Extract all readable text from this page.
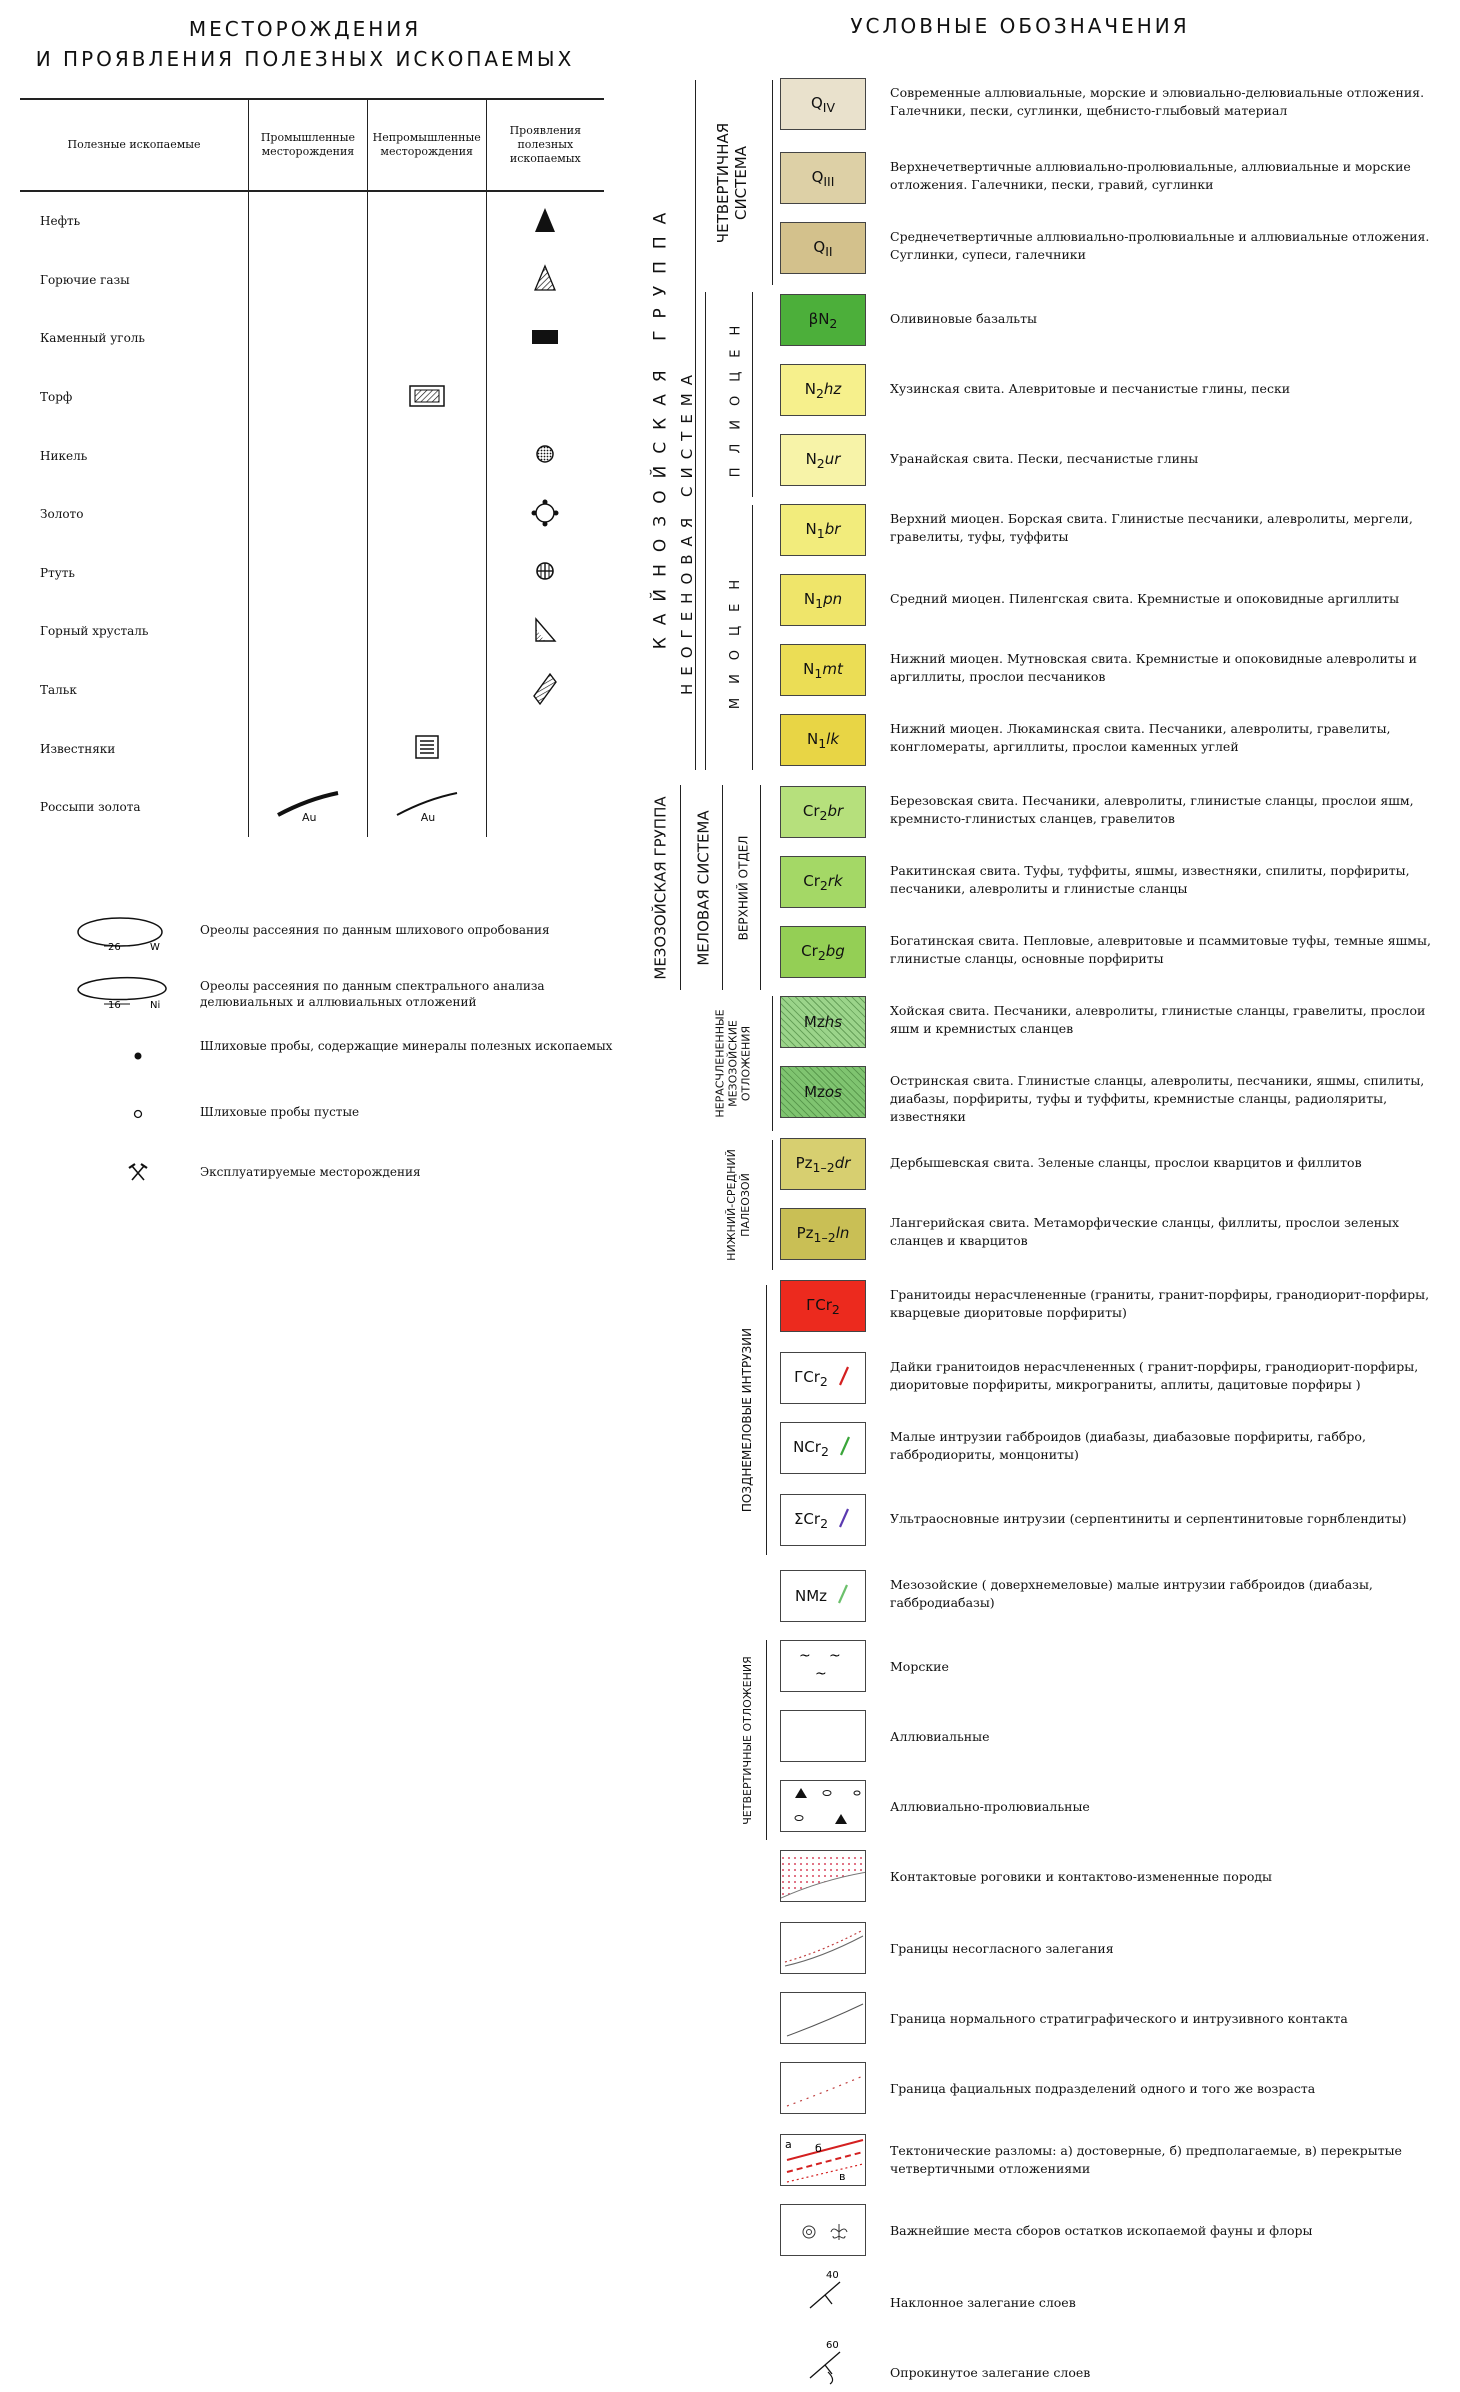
МЕСТОРОЖДЕНИЯ
И ПРОЯВЛЕНИЯ ПОЛЕЗНЫХ ИСКОПАЕМЫХ
Полезные ископаемые	Промышленные месторождения	Непромышленные месторождения	Проявления полезных ископаемых
Нефть			
Горючие газы			
Каменный уголь			
Торф			
Никель			
Золото			
Ртуть			
Горный хрусталь			
Тальк			
Известняки			
Россыпи золота	Au	Au	

26	W
Ореолы рассеяния по данным шлихового опробования
16	Ni
Ореолы рассеяния по данным спектрального анализа делювиальных и аллювиальных отложений
Шлиховые пробы, содержащие минералы полезных ископаемых
Шлиховые пробы пустые
Эксплуатируемые месторождения
УСЛОВНЫЕ ОБОЗНАЧЕНИЯ
КАЙНОЗОЙСКАЯ ГРУППА
ЧЕТВЕРТИЧНАЯ СИСТЕМА
НЕОГЕНОВАЯ СИСТЕМА	ПЛИОЦЕН
МИОЦЕН
МЕЗОЗОЙСКАЯ ГРУППА МЕЛОВАЯ СИСТЕМА ВЕРХНИЙ ОТДЕЛ
НЕРАСЧЛЕНЕННЫЕ МЕЗОЗОЙСКИЕ ОТЛОЖЕНИЯ
НИЖНИЙ-СРЕДНИЙ ПАЛЕОЗОЙ
ПОЗДНЕМЕЛОВЫЕ ИНТРУЗИИ
ЧЕТВЕРТИЧНЫЕ ОТЛОЖЕНИЯ
$Q_{IV}$
Современные аллювиальные, морские и элювиально-делювиальные отложения. Галечники, пески, суглинки, щебнисто-глыбовый материал
$Q_{III}$
Верхнечетвертичные аллювиально-пролювиальные, аллювиальные и морские отложения. Галечники, пески, гравий, суглинки
$Q_{II}$
Среднечетвертичные аллювиально-пролювиальные и аллювиальные отложения. Суглинки, супеси, галечники
$\beta N_2$	Оливиновые базальты
$N_2hz$	Хузинская свита. Алевритовые и песчанистые глины, пески
$N_2ur$	Уранайская свита. Пески, песчанистые глины
$N_1br$
Верхний миоцен. Борская свита. Глинистые песчаники, алевролиты, мергели, гравелиты, туфы, туффиты
$N_1pn$	Средний миоцен. Пиленгская свита. Кремнистые и опоковидные аргиллиты
$N_1mt$
Нижний миоцен. Мутновская свита. Кремнистые и опоковидные алевролиты и аргиллиты, прослои песчаников
$N_1lk$
Нижний миоцен. Люкаминская свита. Песчаники, алевролиты, гравелиты, конгломераты, аргиллиты, прослои каменных углей
$Cr_2br$
Березовская свита. Песчаники, алевролиты, глинистые сланцы, прослои яшм, кремнисто-глинистых сланцев, гравелитов
$Cr_2rk$
Ракитинская свита. Туфы, туффиты, яшмы, известняки, спилиты, порфириты, песчаники, алевролиты и глинистые сланцы
$Cr_2bg$
Богатинская свита. Пепловые, алевритовые и псаммитовые туфы, темные яшмы, глинистые сланцы, основные порфириты
Mzhs
Хойская свита. Песчаники, алевролиты, глинистые сланцы, гравелиты, прослои яшм и кремнистых сланцев
Mzos
Остринская свита. Глинистые сланцы, алевролиты, песчаники, яшмы, спилиты, диабазы, порфириты, туфы и туффиты, кремнистые сланцы, радиоляриты, известняки
$Pz_{1-2}dr$	Дербышевская свита. Зеленые сланцы, прослои кварцитов и филлитов
$Pz_{1-2}\ln$
Лангерийская свита. Метаморфические сланцы, филлиты, прослои зеленых сланцев и кварцитов
ГCr$_2$
Гранитоиды нерасчлененные (граниты, гранит-порфиры, гранодиорит-порфиры, кварцевые диоритовые порфириты)
ГCr$_2$
Дайки гранитоидов нерасчлененных ( гранит-порфиры, гранодиорит-порфиры, диоритовые порфириты, микрограниты, аплиты, дацитовые порфиры )
NCr$_2$
Малые интрузии габброидов (диабазы, диабазовые порфириты, габбро, габбродиориты, монцониты)
ΣCr$_2$	Ультраосновные интрузии (серпентиниты и серпентинитовые горнблендиты)
NMz
Мезозойские ( доверхнемеловые) малые интрузии габброидов (диабазы, габбродиабазы)
~ ~
~	Морские
Аллювиальные
Аллювиально-пролювиальные
Контактовые роговики и контактово-измененные породы
Границы несогласного залегания
Граница нормального стратиграфического и интрузивного контакта
Граница фациальных подразделений одного и того же возраста
а б
в
Тектонические разломы: а) достоверные, б) предполагаемые, в) перекрытые четвертичными отложениями
Важнейшие места сборов остатков ископаемой фауны и флоры
Наклонное залегание слоев
Опрокинутое залегание слоев
40
60
